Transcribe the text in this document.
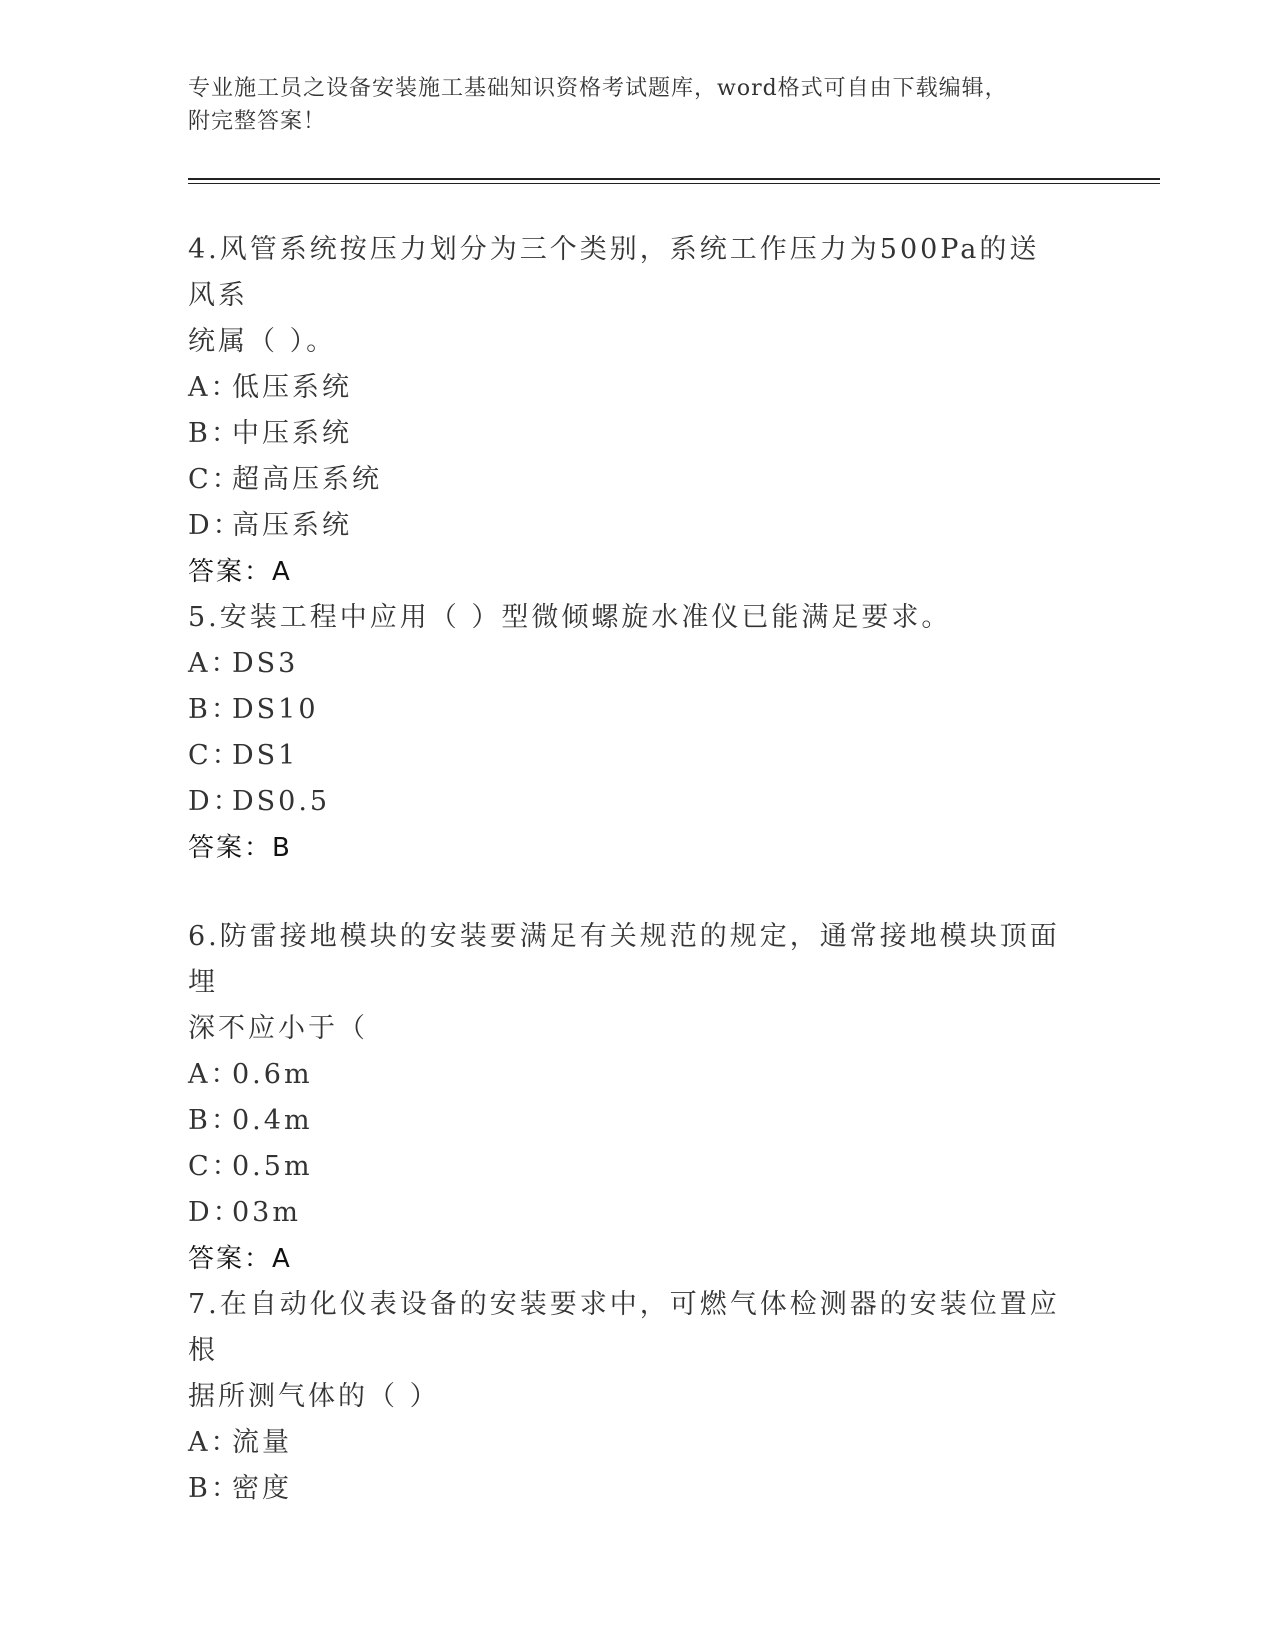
专业施工员之设备安装施工基础知识资格考试题库，word格式可自由下载编辑，
附完整答案！

4.风管系统按压力划分为三个类别，系统工作压力为500Pa的送风系

统属（ ）。

A：低压系统

B：中压系统

C：超高压系统

D：高压系统

答案：A

5.安装工程中应用（ ）型微倾螺旋水准仪已能满足要求。

A：DS3

B：DS10

C：DS1

D：DS0.5

答案：B

6.防雷接地模块的安装要满足有关规范的规定，通常接地模块顶面埋

深不应小于（

A：0.6m

B：0.4m

C：0.5m

D：03m

答案：A

7.在自动化仪表设备的安装要求中，可燃气体检测器的安装位置应根

据所测气体的（ ）

A：流量

B：密度
